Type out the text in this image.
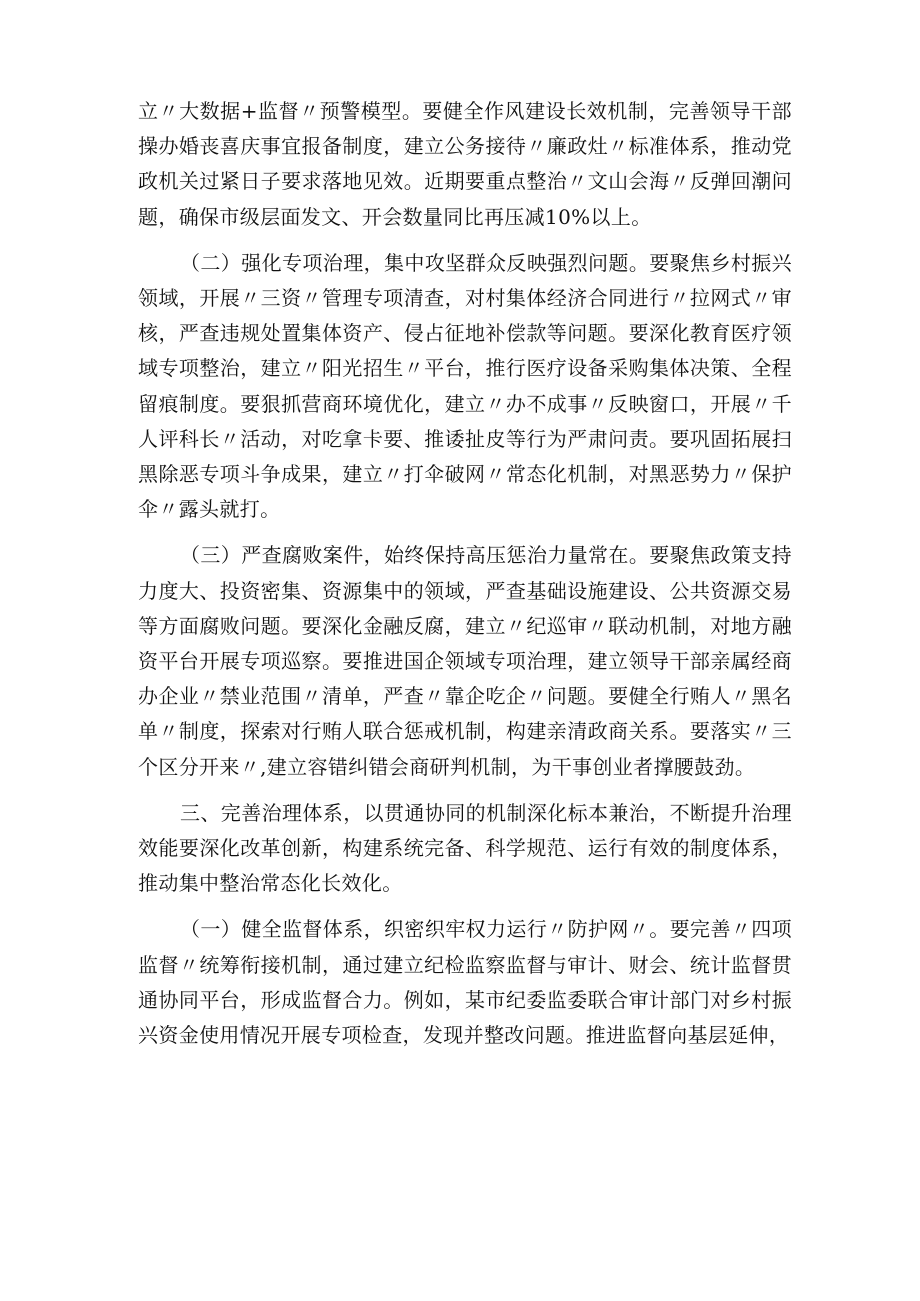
立〃大数据+监督〃预警模型。要健全作风建设长效机制，完善领导干部操办婚丧喜庆事宜报备制度，建立公务接待〃廉政灶〃标准体系，推动党政机关过紧日子要求落地见效。近期要重点整治〃文山会海〃反弹回潮问题，确保市级层面发文、开会数量同比再压减10%以上。

（二）强化专项治理，集中攻坚群众反映强烈问题。要聚焦乡村振兴领域，开展〃三资〃管理专项清查，对村集体经济合同进行〃拉网式〃审核，严查违规处置集体资产、侵占征地补偿款等问题。要深化教育医疗领域专项整治，建立〃阳光招生〃平台，推行医疗设备采购集体决策、全程留痕制度。要狠抓营商环境优化，建立〃办不成事〃反映窗口，开展〃千人评科长〃活动，对吃拿卡要、推诿扯皮等行为严肃问责。要巩固拓展扫黑除恶专项斗争成果，建立〃打伞破网〃常态化机制，对黑恶势力〃保护伞〃露头就打。

（三）严查腐败案件，始终保持高压惩治力量常在。要聚焦政策支持力度大、投资密集、资源集中的领域，严查基础设施建设、公共资源交易等方面腐败问题。要深化金融反腐，建立〃纪巡审〃联动机制，对地方融资平台开展专项巡察。要推进国企领域专项治理，建立领导干部亲属经商办企业〃禁业范围〃清单，严查〃靠企吃企〃问题。要健全行贿人〃黑名单〃制度，探索对行贿人联合惩戒机制，构建亲清政商关系。要落实〃三个区分开来〃,建立容错纠错会商研判机制，为干事创业者撑腰鼓劲。

三、完善治理体系，以贯通协同的机制深化标本兼治，不断提升治理效能要深化改革创新，构建系统完备、科学规范、运行有效的制度体系，推动集中整治常态化长效化。

（一）健全监督体系，织密织牢权力运行〃防护网〃。要完善〃四项监督〃统筹衔接机制，通过建立纪检监察监督与审计、财会、统计监督贯通协同平台，形成监督合力。例如，某市纪委监委联合审计部门对乡村振兴资金使用情况开展专项检查，发现并整改问题。推进监督向基层延伸，
